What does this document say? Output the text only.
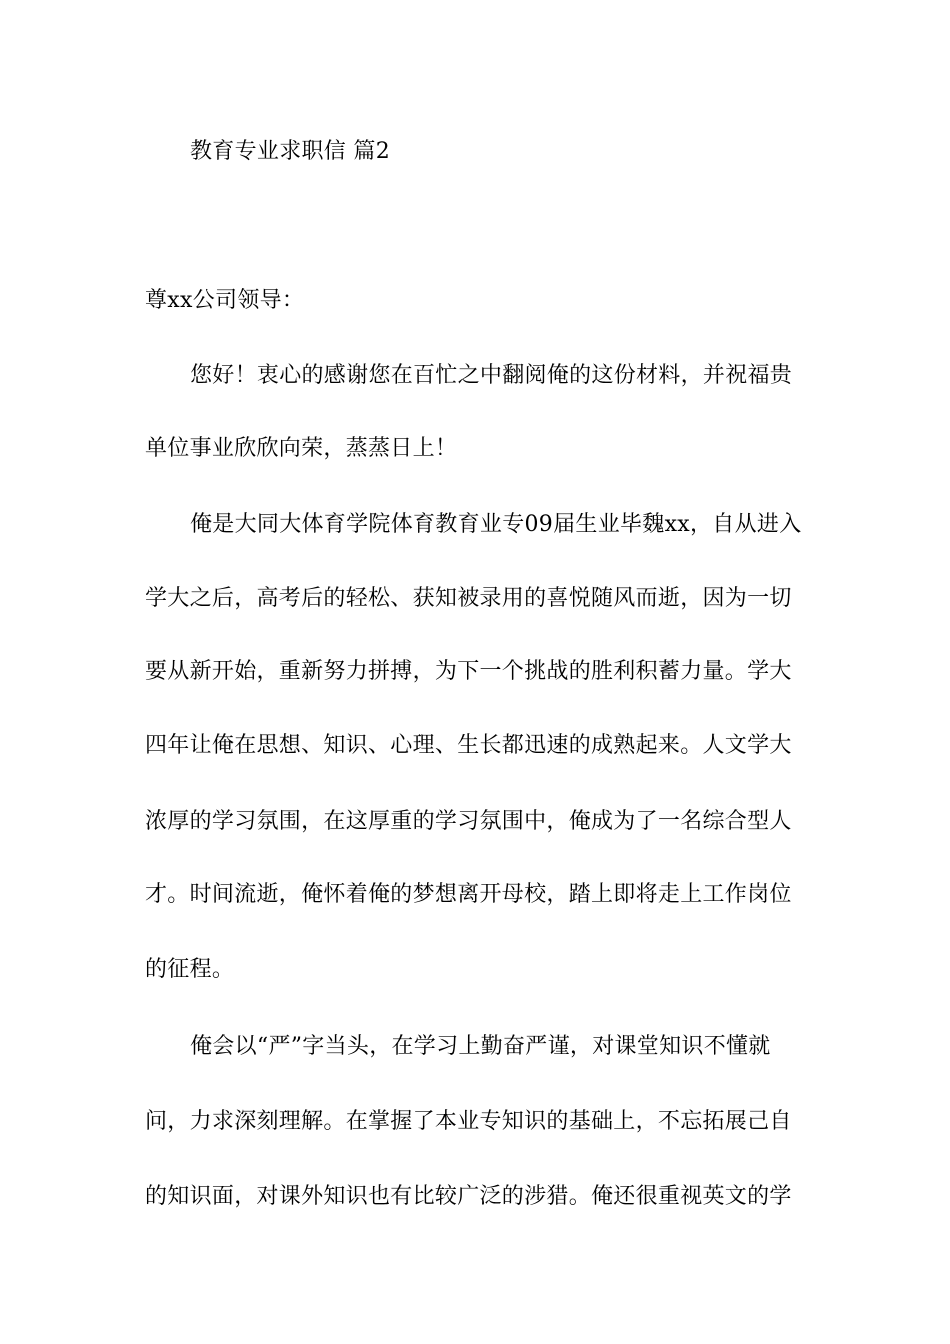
教育专业求职信 篇2
尊xx公司领导：
您好！衷心的感谢您在百忙之中翻阅俺的这份材料，并祝福贵
单位事业欣欣向荣，蒸蒸日上！
俺是大同大体育学院体育教育业专09届生业毕魏xx，自从进入
学大之后，高考后的轻松、获知被录用的喜悦随风而逝，因为一切
要从新开始，重新努力拼搏，为下一个挑战的胜利积蓄力量。学大
四年让俺在思想、知识、心理、生长都迅速的成熟起来。人文学大
浓厚的学习氛围，在这厚重的学习氛围中，俺成为了一名综合型人
才。时间流逝，俺怀着俺的梦想离开母校，踏上即将走上工作岗位
的征程。
俺会以“严”字当头，在学习上勤奋严谨，对课堂知识不懂就
问，力求深刻理解。在掌握了本业专知识的基础上，不忘拓展己自
的知识面，对课外知识也有比较广泛的涉猎。俺还很重视英文的学
